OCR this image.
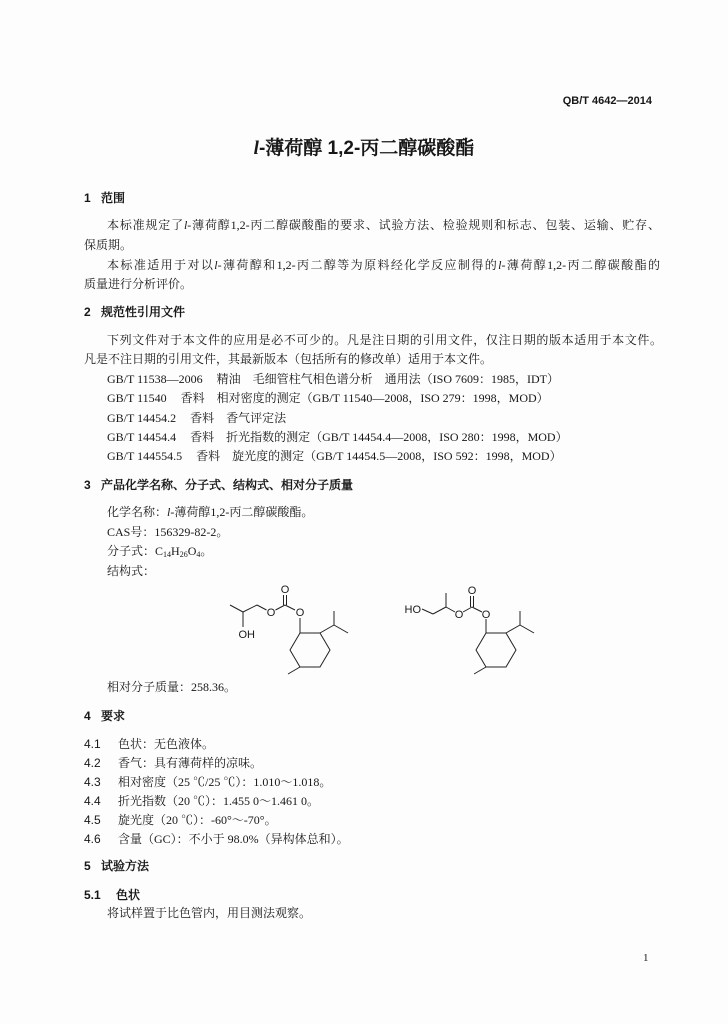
QB/T 4642—2014
l-薄荷醇 1,2-丙二醇碳酸酯
1 范围
本标准规定了l-薄荷醇1,2-丙二醇碳酸酯的要求、试验方法、检验规则和标志、包装、运输、贮存、
保质期。
本标准适用于对以l-薄荷醇和1,2-丙二醇等为原料经化学反应制得的l-薄荷醇1,2-丙二醇碳酸酯的
质量进行分析评价。
2 规范性引用文件
下列文件对于本文件的应用是必不可少的。凡是注日期的引用文件，仅注日期的版本适用于本文件。
凡是不注日期的引用文件，其最新版本（包括所有的修改单）适用于本文件。
GB/T 11538—2006 精油　毛细管柱气相色谱分析　通用法（ISO 7609：1985，IDT）
GB/T 11540 香料　相对密度的测定（GB/T 11540—2008，ISO 279：1998，MOD）
GB/T 14454.2 香料　香气评定法
GB/T 14454.4 香料　折光指数的测定（GB/T 14454.4—2008，ISO 280：1998，MOD）
GB/T 144554.5 香料　旋光度的测定（GB/T 14454.5—2008，ISO 592：1998，MOD）
3 产品化学名称、分子式、结构式、相对分子质量
化学名称：l-薄荷醇1,2-丙二醇碳酸酯。
CAS号：156329-82-2。
分子式：$C_{14}H_{26}O_4$。
结构式：
O
O
O
OH
HO	O
O
O
相对分子质量：258.36。
4 要求
4.1 色状：无色液体。
4.2 香气：具有薄荷样的凉味。
4.3 相对密度（25 ℃/25 ℃）：1.010～1.018。
4.4 折光指数（20 ℃）：1.455 0～1.461 0。
4.5 旋光度（20 ℃）：-60°～-70°。
4.6 含量（GC）：不小于 98.0%（异构体总和）。
5 试验方法
5.1 色状
将试样置于比色管内，用目测法观察。
1
